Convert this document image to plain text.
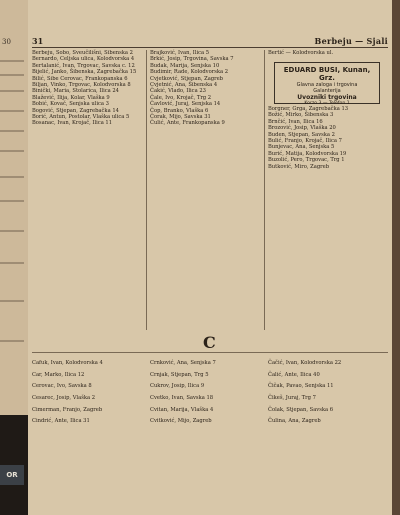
30
OR
31	Berbeju — Sjali

Berbeju, Sobo, Sveučilišni, Sibenska 2

Bernardo, Celjska ulica, Kolodvorska 4

Bertalanić, Ivan, Trgovac, Savska c. 12

Bijelić, Janko, Šibenska, Zagrebačka 15

Bilić, Sibe Cerovac, Frankopanska 6

Biljan, Vinko, Trgovac, Kolodvorska 8

Binički, Maria, Stolarica, Ilica 24

Blažević, Ilija, Kolar, Vlaška 9

Bobić, Kovač, Senjska ulica 3

Bogović, Stjepan, Zagrebačka 14

Borić, Antun, Postolar, Vlaška ulica 5

Bosanac, Ivan, Krojač, Ilica 11

Brajković, Ivan, Ilica 5

Brkić, Josip, Trgovina, Savska 7

Budak, Marija, Senjska 10

Budimir, Rade, Kolodvorska 2

Cvjetković, Stjepan, Zagreb

Cvjetnić, Ana, Šibenska 4

Čakić, Vlado, Ilica 23

Čale, Ivo, Krojač, Trg 2

Čavlović, Juraj, Senjska 14

Čop, Branko, Vlaška 6

Čorak, Mijo, Savska 31

Čulić, Ante, Frankopanska 9

Bertić — Kolodvorska ul.

EDUARD BUSI, Kunan, Grz.
Glavna zaloga i trgovina
Galanterija
Uvozniki trgovina
Korzo 3 — Telefon 1

Borgner, Grga, Zagrebačka 13

Božić, Mirko, Šibenska 3

Brnčić, Ivan, Ilica 16

Brozović, Josip, Vlaška 20

Buden, Stjepan, Savska 2

Bulić, Franjo, Krojač, Ilica 7

Bunjevac, Ana, Senjska 5

Burić, Matija, Kolodvorska 19

Buzolić, Pero, Trgovac, Trg 1

Butković, Miro, Zagreb

C

Cafuk, Ivan, Kolodvorska 4

Car, Marko, Ilica 12

Cerovac, Ivo, Savska 8

Cesarec, Josip, Vlaška 2

Cimerman, Franjo, Zagreb

Cindrić, Ante, Ilica 31

Crnković, Ana, Senjska 7

Crnjak, Stjepan, Trg 5

Cukrov, Josip, Ilica 9

Cvetko, Ivan, Savska 18

Cvitan, Marija, Vlaška 4

Cvitković, Mijo, Zagreb

Čačić, Ivan, Kolodvorska 22

Čalić, Ante, Ilica 40

Čičak, Pavao, Senjska 11

Čikeš, Juraj, Trg 7

Čolak, Stjepan, Savska 6

Čulina, Ana, Zagreb
